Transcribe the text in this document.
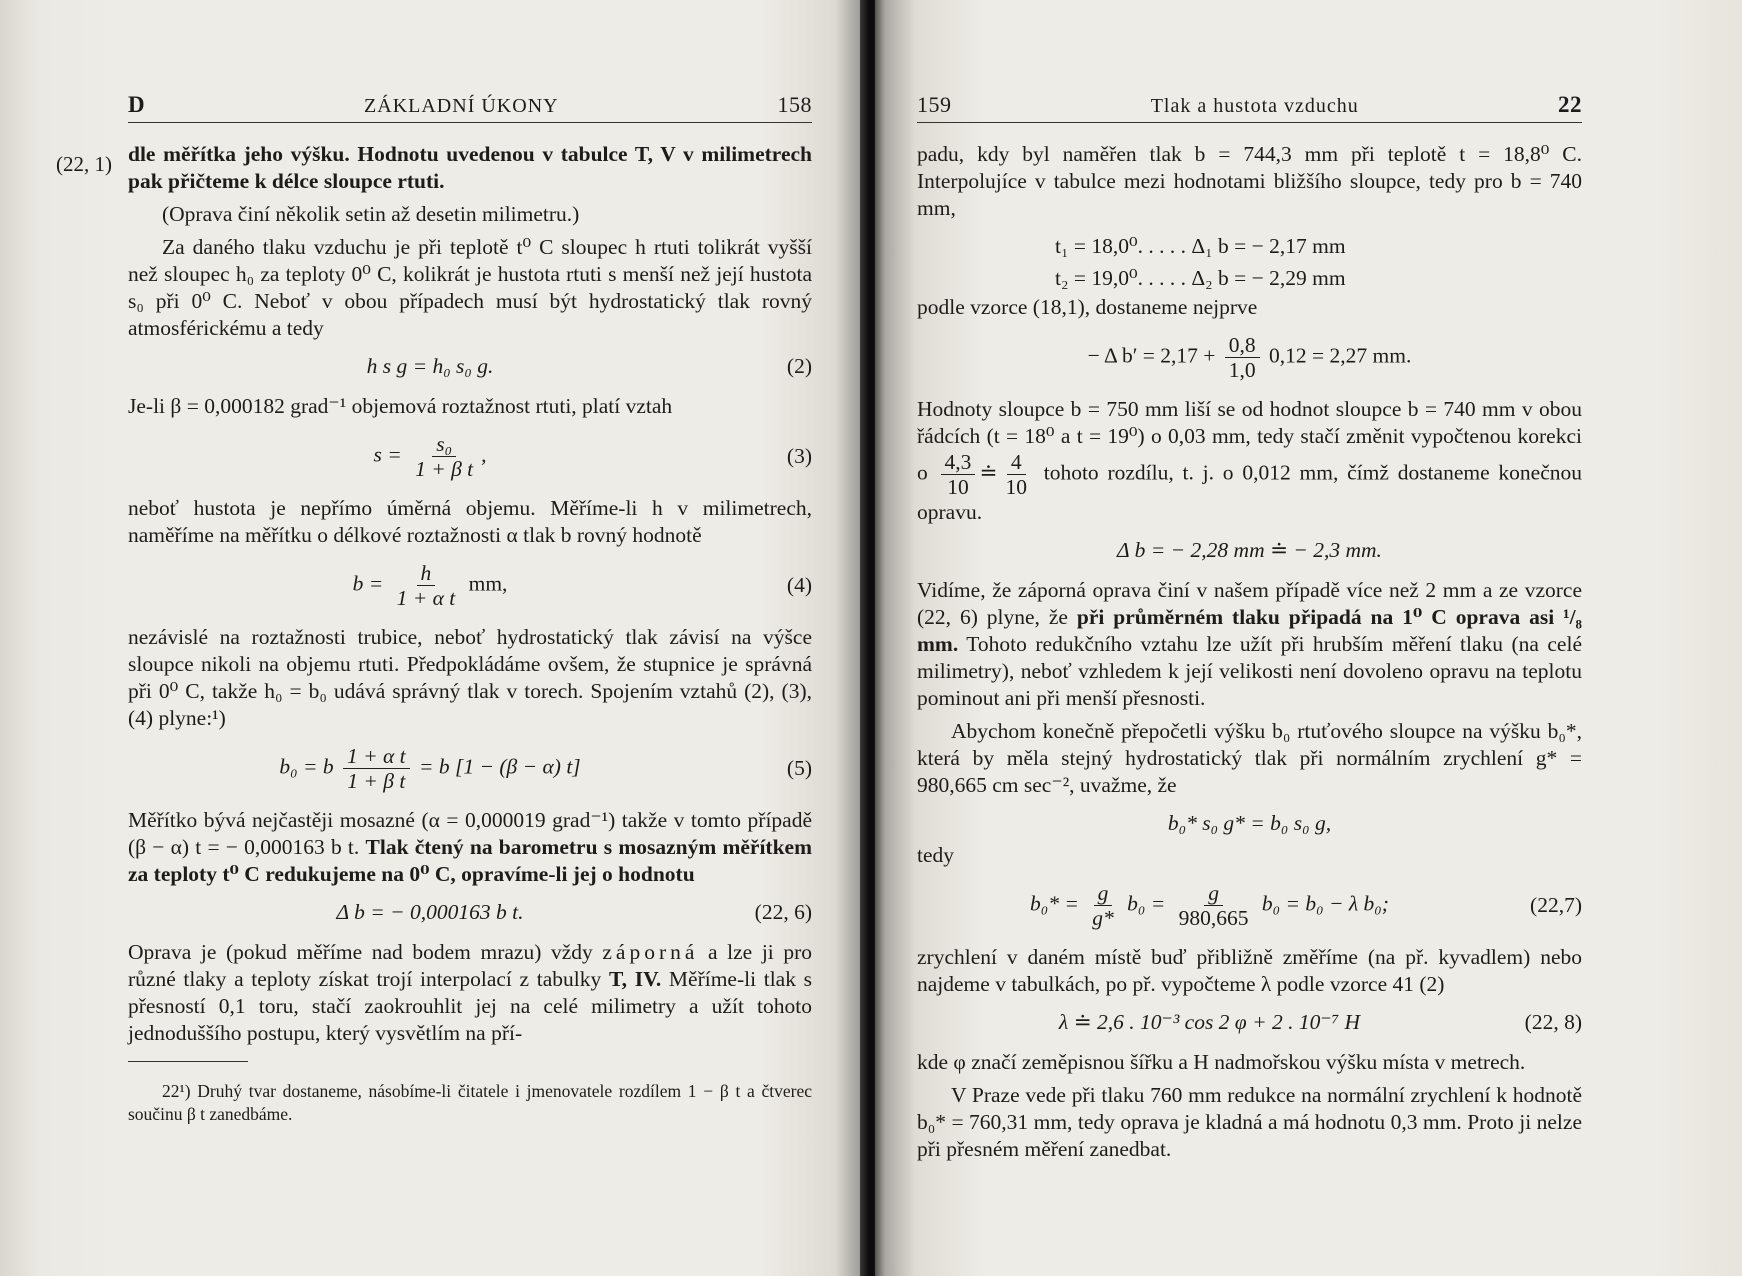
D	ZÁKLADNÍ ÚKONY	158
(22, 1) dle měřítka jeho výšku. Hodnotu uvedenou v tabulce T, V v milimetrech pak přičteme k délce sloupce rtuti.

(Oprava činí několik setin až desetin milimetru.)

Za daného tlaku vzduchu je při teplotě t⁰ C sloupec h rtuti tolikrát vyšší než sloupec h₀ za teploty 0⁰ C, kolikrát je hustota rtuti s menší než její hustota s₀ při 0⁰ C. Neboť v obou případech musí být hydrostatický tlak rovný atmosférickému a tedy

h s g = h₀ s₀ g.	(2)

Je-li β = 0,000182 grad⁻¹ objemová roztažnost rtuti, platí vztah

$s = \frac{\text{s₀}}{\text{1 + β t}}$ ,	(3)

neboť hustota je nepřímo úměrná objemu. Měříme-li h v milimetrech, naměříme na měřítku o délkové roztažnosti α tlak b rovný hodnotě

$b = \frac{h}{\text{1 + α t}}$ mm,	(4)

nezávislé na roztažnosti trubice, neboť hydrostatický tlak závisí na výšce sloupce nikoli na objemu rtuti. Předpokládáme ovšem, že stupnice je správná při 0⁰ C, takže h₀ = b₀ udává správný tlak v torech. Spojením vztahů (2), (3), (4) plyne:¹)

b₀ = b $\frac{\text{1 + α t}}{\text{1 + β t}} = b$ [1 − (β − α) t]	(5)

Měřítko bývá nejčastěji mosazné (α = 0,000019 grad⁻¹) takže v tomto případě (β − α) t = − 0,000163 b t. Tlak čtený na barometru s mosazným měřítkem za teploty t⁰ C redukujeme na 0⁰ C, opravíme-li jej o hodnotu

Δ b = − 0,000163 b t.	(22, 6)

Oprava je (pokud měříme nad bodem mrazu) vždy záporná a lze ji pro různé tlaky a teploty získat trojí interpolací z tabulky T, IV. Měříme-li tlak s přesností 0,1 toru, stačí zaokrouhlit jej na celé milimetry a užít tohoto jednoduššího postupu, který vysvětlím na pří-

22¹) Druhý tvar dostaneme, násobíme-li čitatele i jmenovatele rozdílem 1 − β t a čtverec součinu β t zanedbáme.

159	Tlak a hustota vzduchu	22

padu, kdy byl naměřen tlak b = 744,3 mm při teplotě t = 18,8⁰ C. Interpolujíce v tabulce mezi hodnotami bližšího sloupce, tedy pro b = 740 mm,

t₁ = 18,0⁰. . . . . Δ₁ b = − 2,17 mm
t₂ = 19,0⁰. . . . . Δ₂ b = − 2,29 mm

podle vzorce (18,1), dostaneme nejprve

− Δ $b' = 2,17 + \frac{0,8}{1,0} 0,12 = 2,27$ mm.

Hodnoty sloupce b = 750 mm liší se od hodnot sloupce b = 740 mm v obou řádcích (t = 18⁰ a t = 19⁰) o 0,03 mm, tedy stačí změnit vypočtenou korekci o $\frac{4,3}{10}$ ≐ $\frac{4}{10}$ tohoto rozdílu, t. j. o 0,012 mm, čímž dostaneme konečnou opravu.

Δ b = − 2,28 mm ≐ − 2,3 mm.

Vidíme, že záporná oprava činí v našem případě více než 2 mm a ze vzorce (22, 6) plyne, že při průměrném tlaku připadá na 1⁰ C oprava asi ¹/₈ mm. Tohoto redukčního vztahu lze užít při hrubším měření tlaku (na celé milimetry), neboť vzhledem k její velikosti není dovoleno opravu na teplotu pominout ani při menší přesnosti.

Abychom konečně přepočetli výšku b₀ rtuťového sloupce na výšku b₀*, která by měla stejný hydrostatický tlak při normálním zrychlení g* = 980,665 cm sec⁻², uvažme, že

b₀* s₀ g* = b₀ s₀ g,
tedy
$b_0* = \frac{g}{g*} b_0 = \frac{g}{980,665} b_0 = b_0 - \lambda$ b₀;	(22,7)

zrychlení v daném místě buď přibližně změříme (na př. kyvadlem) nebo najdeme v tabulkách, po př. vypočteme λ podle vzorce 41 (2)

λ ≐ 2,6 . 10⁻³ cos 2 φ + 2 . 10⁻⁷ H	(22, 8)

kde φ značí zeměpisnou šířku a H nadmořskou výšku místa v metrech.

V Praze vede při tlaku 760 mm redukce na normální zrychlení k hodnotě b₀* = 760,31 mm, tedy oprava je kladná a má hodnotu 0,3 mm. Proto ji nelze při přesném měření zanedbat.
